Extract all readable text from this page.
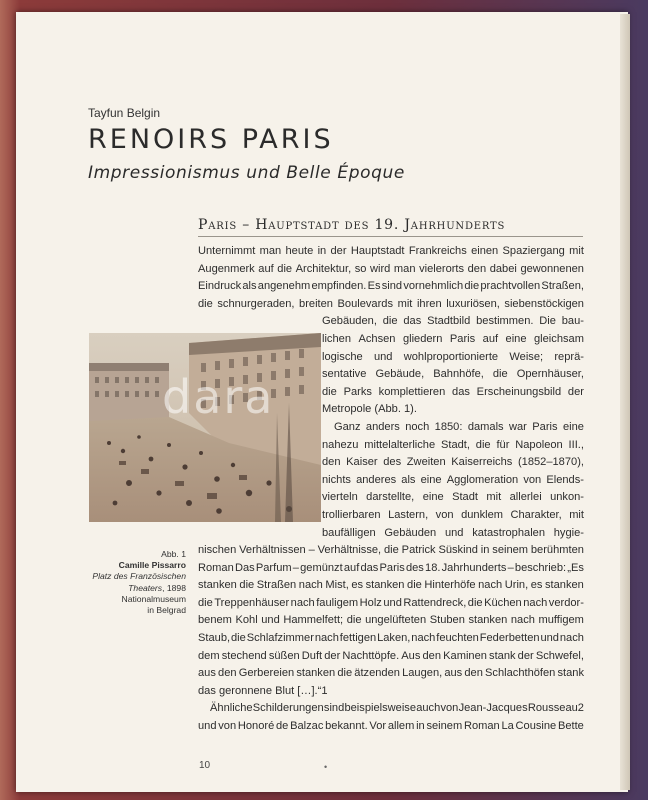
Tayfun Belgin
RENOIRS PARIS
Impressionismus und Belle Époque
Paris – Hauptstadt des 19. Jahrhunderts
Unternimmt man heute in der Hauptstadt Frankreichs einen Spaziergang mit
Augenmerk auf die Architektur, so wird man vielerorts den dabei gewonnenen
Eindruck als angenehm empfinden. Es sind vornehmlich die prachtvollen Straßen,
die schnurgeraden, breiten Boulevards mit ihren luxuriösen, siebenstöckigen
Gebäuden, die das Stadtbild bestimmen. Die bau-
lichen Achsen gliedern Paris auf eine gleichsam
logische und wohlproportionierte Weise; reprä-
sentative Gebäude, Bahnhöfe, die Opernhäuser,
die Parks komplettieren das Erscheinungsbild der
Metropole (Abb. 1).
Ganz anders noch 1850: damals war Paris eine
nahezu mittelalterliche Stadt, die für Napoleon III.,
den Kaiser des Zweiten Kaiserreichs (1852–1870),
nichts anderes als eine Agglomeration von Elends-
vierteln darstellte, eine Stadt mit allerlei unkon-
trollierbaren Lastern, von dunklem Charakter, mit
baufälligen Gebäuden und katastrophalen hygie-
nischen Verhältnissen – Verhältnisse, die Patrick Süskind in seinem berühmten
Roman Das Parfum – gemünzt auf das Paris des 18. Jahrhunderts – beschrieb: „Es
stanken die Straßen nach Mist, es stanken die Hinterhöfe nach Urin, es stanken
die Treppenhäuser nach fauligem Holz und Rattendreck, die Küchen nach verdor-
benem Kohl und Hammelfett; die ungelüfteten Stuben stanken nach muffigem
Staub, die Schlafzimmer nach fettigen Laken, nach feuchten Federbetten und nach
dem stechend süßen Duft der Nachttöpfe. Aus den Kaminen stank der Schwefel,
aus den Gerbereien stanken die ätzenden Laugen, aus den Schlachthöfen stank
das geronnene Blut […].“1
Ähnliche Schilderungen sind beispielsweise auch von Jean-Jacques Rousseau2
und von Honoré de Balzac bekannt. Vor allem in seinem Roman La Cousine Bette
dara
Abb. 1
Camille Pissarro
Platz des Französischen
Theaters, 1898
Nationalmuseum
in Belgrad
10	•
